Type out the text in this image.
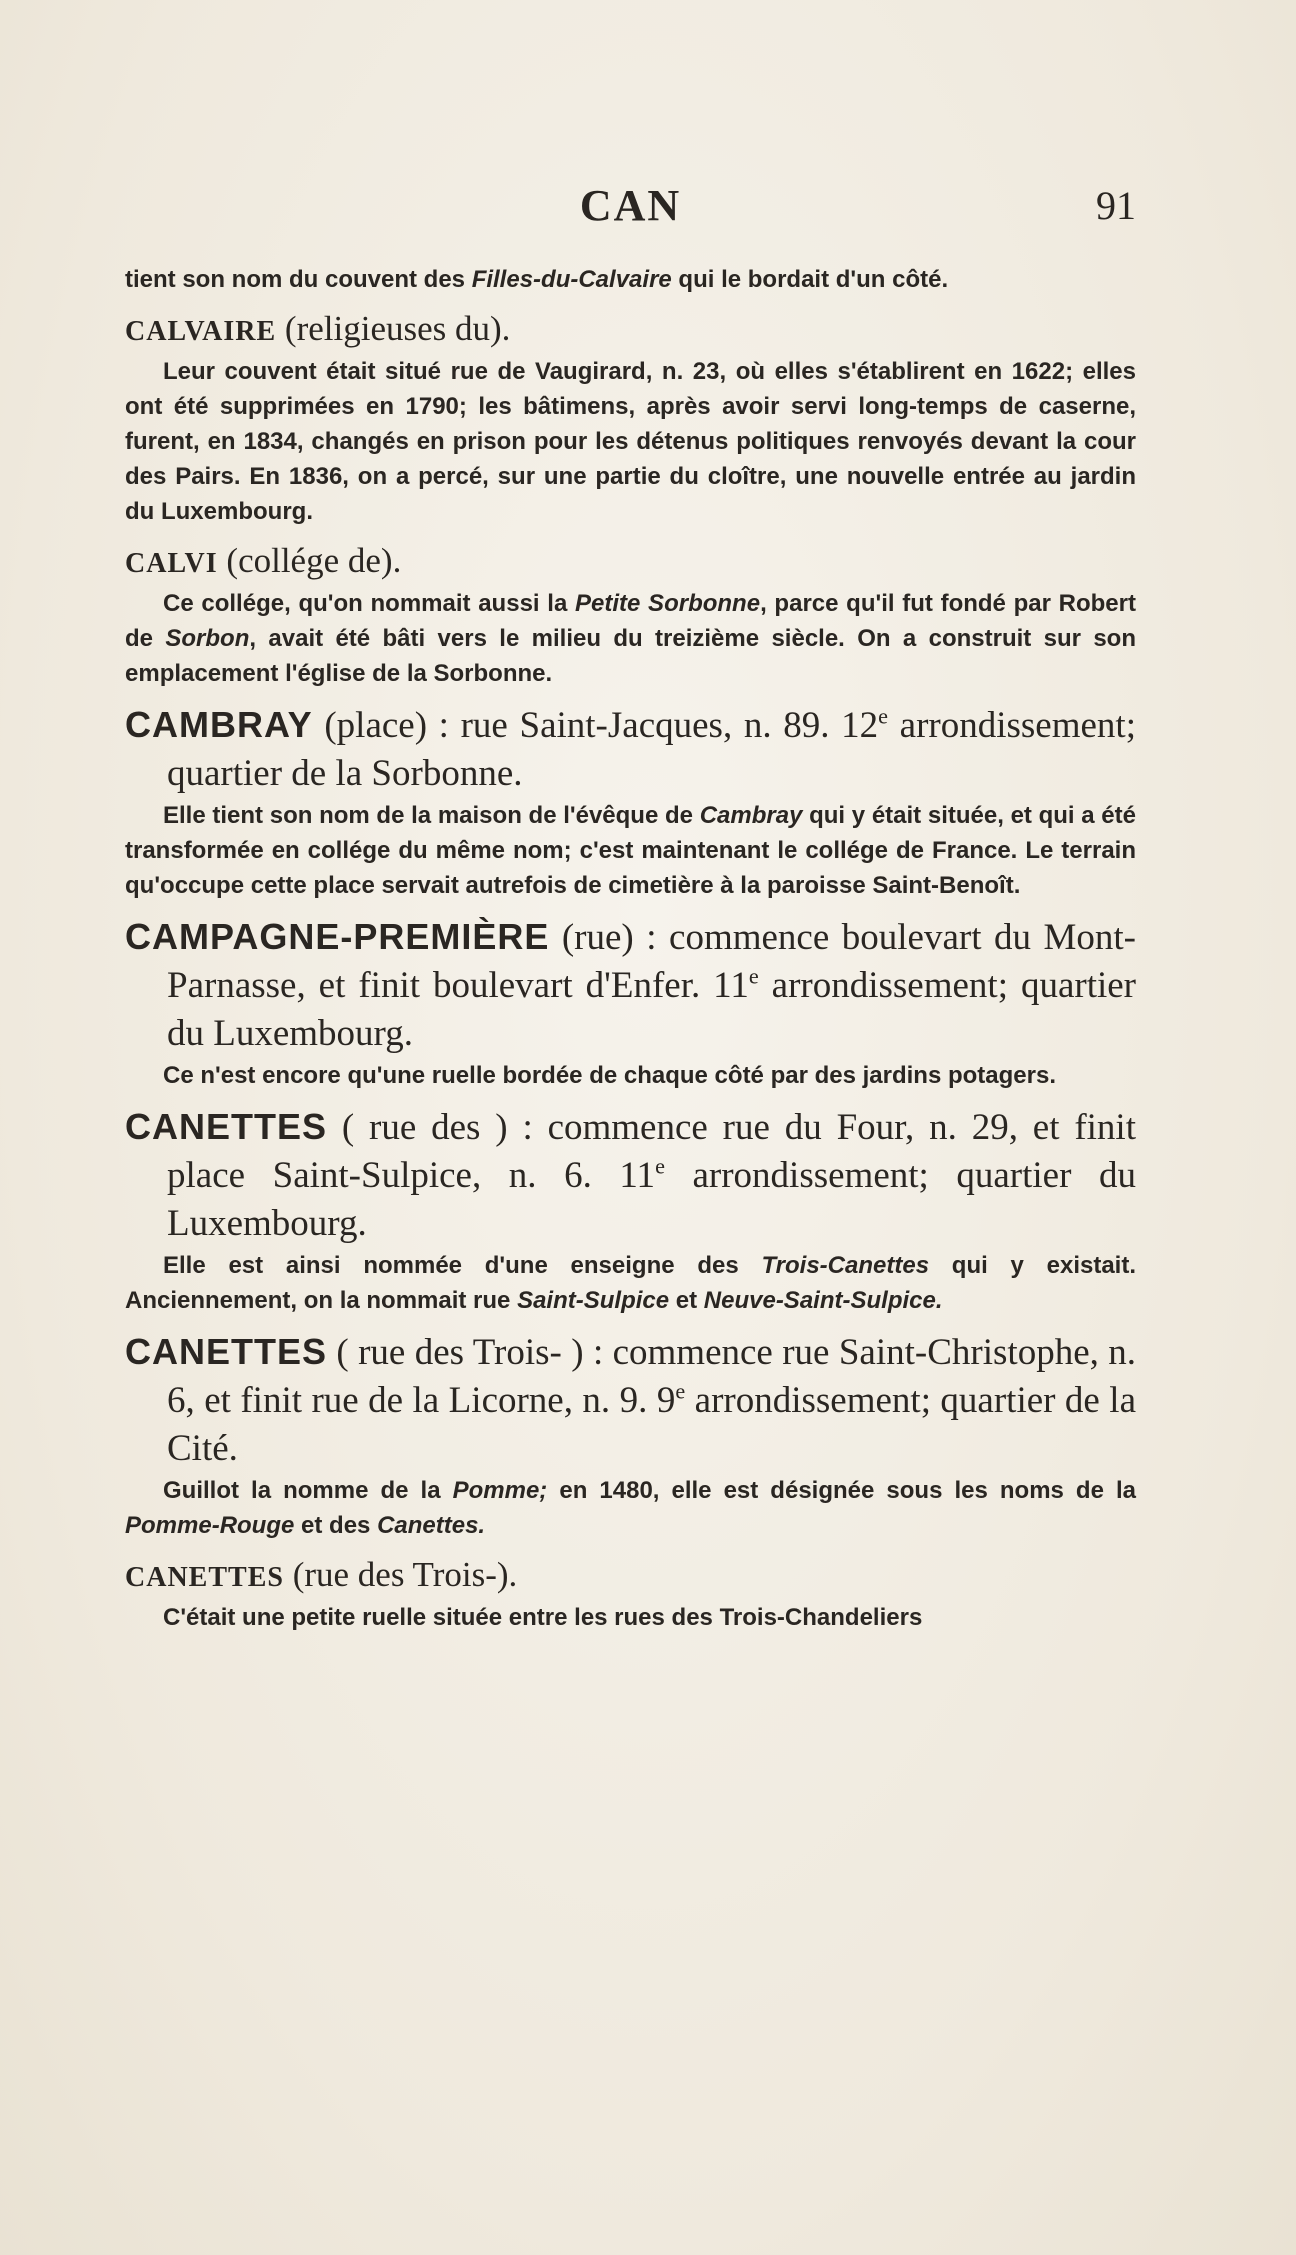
CAN	91

tient son nom du couvent des Filles-du-Calvaire qui le bordait d'un côté.

CALVAIRE (religieuses du).

Leur couvent était situé rue de Vaugirard, n. 23, où elles s'établirent en 1622; elles ont été supprimées en 1790; les bâtimens, après avoir servi long-temps de caserne, furent, en 1834, changés en prison pour les détenus politiques renvoyés devant la cour des Pairs. En 1836, on a percé, sur une partie du cloître, une nouvelle entrée au jardin du Luxembourg.

CALVI (collége de).

Ce collége, qu'on nommait aussi la Petite Sorbonne, parce qu'il fut fondé par Robert de Sorbon, avait été bâti vers le milieu du treizième siècle. On a construit sur son emplacement l'église de la Sorbonne.

CAMBRAY (place) : rue Saint-Jacques, n. 89. 12e arrondissement; quartier de la Sorbonne.

Elle tient son nom de la maison de l'évêque de Cambray qui y était située, et qui a été transformée en collége du même nom; c'est maintenant le collége de France. Le terrain qu'occupe cette place servait autrefois de cimetière à la paroisse Saint-Benoît.

CAMPAGNE-PREMIÈRE (rue) : commence boulevart du Mont-Parnasse, et finit boulevart d'Enfer. 11e arrondissement; quartier du Luxembourg.

Ce n'est encore qu'une ruelle bordée de chaque côté par des jardins potagers.

CANETTES ( rue des ) : commence rue du Four, n. 29, et finit place Saint-Sulpice, n. 6. 11e arrondissement; quartier du Luxembourg.

Elle est ainsi nommée d'une enseigne des Trois-Canettes qui y existait. Anciennement, on la nommait rue Saint-Sulpice et Neuve-Saint-Sulpice.

CANETTES ( rue des Trois- ) : commence rue Saint-Christophe, n. 6, et finit rue de la Licorne, n. 9. 9e arrondissement; quartier de la Cité.

Guillot la nomme de la Pomme; en 1480, elle est désignée sous les noms de la Pomme-Rouge et des Canettes.

CANETTES (rue des Trois-).

C'était une petite ruelle située entre les rues des Trois-Chandeliers
